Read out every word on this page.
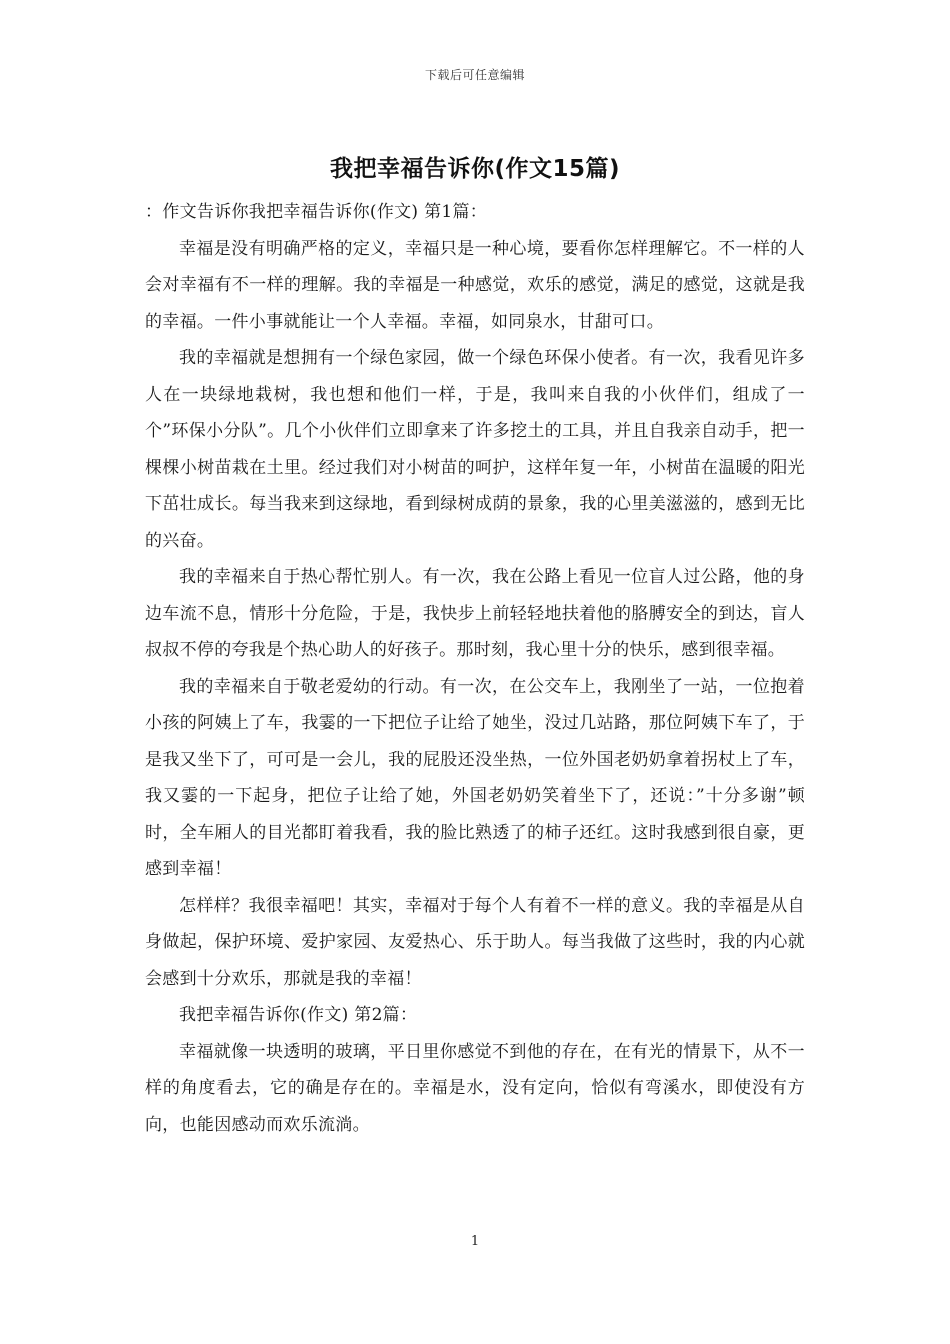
下载后可任意编辑
我把幸福告诉你(作文15篇)

：作文告诉你我把幸福告诉你(作文) 第1篇：

幸福是没有明确严格的定义，幸福只是一种心境，要看你怎样理解它。不一样的人会对幸福有不一样的理解。我的幸福是一种感觉，欢乐的感觉，满足的感觉，这就是我的幸福。一件小事就能让一个人幸福。幸福，如同泉水，甘甜可口。

我的幸福就是想拥有一个绿色家园，做一个绿色环保小使者。有一次，我看见许多人在一块绿地栽树，我也想和他们一样，于是，我叫来自我的小伙伴们，组成了一个”环保小分队”。几个小伙伴们立即拿来了许多挖土的工具，并且自我亲自动手，把一棵棵小树苗栽在土里。经过我们对小树苗的呵护，这样年复一年，小树苗在温暖的阳光下茁壮成长。每当我来到这绿地，看到绿树成荫的景象，我的心里美滋滋的，感到无比的兴奋。

我的幸福来自于热心帮忙别人。有一次，我在公路上看见一位盲人过公路，他的身边车流不息，情形十分危险，于是，我快步上前轻轻地扶着他的胳膊安全的到达，盲人叔叔不停的夸我是个热心助人的好孩子。那时刻，我心里十分的快乐，感到很幸福。

我的幸福来自于敬老爱幼的行动。有一次，在公交车上，我刚坐了一站，一位抱着小孩的阿姨上了车，我霎的一下把位子让给了她坐，没过几站路，那位阿姨下车了，于是我又坐下了，可可是一会儿，我的屁股还没坐热，一位外国老奶奶拿着拐杖上了车，我又霎的一下起身，把位子让给了她，外国老奶奶笑着坐下了，还说：”十分多谢”顿时，全车厢人的目光都盯着我看，我的脸比熟透了的柿子还红。这时我感到很自豪，更感到幸福！

怎样样？我很幸福吧！其实，幸福对于每个人有着不一样的意义。我的幸福是从自身做起，保护环境、爱护家园、友爱热心、乐于助人。每当我做了这些时，我的内心就会感到十分欢乐，那就是我的幸福！

我把幸福告诉你(作文) 第2篇：

幸福就像一块透明的玻璃，平日里你感觉不到他的存在，在有光的情景下，从不一样的角度看去，它的确是存在的。幸福是水，没有定向，恰似有弯溪水，即使没有方向，也能因感动而欢乐流淌。

1
